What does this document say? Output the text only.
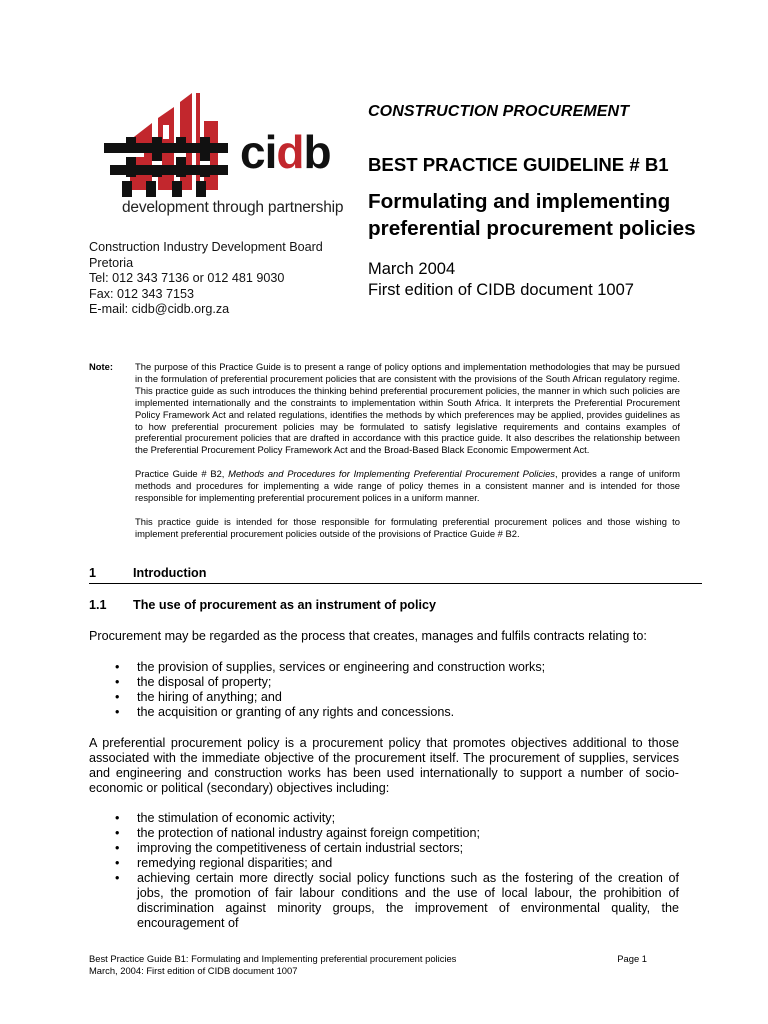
cidb
development through partnership
Construction Industry Development Board
Pretoria
Tel: 012 343 7136 or 012 481 9030
Fax: 012 343 7153
E-mail: cidb@cidb.org.za
CONSTRUCTION PROCUREMENT
BEST PRACTICE GUIDELINE # B1
Formulating and implementing preferential procurement policies
March 2004
First edition of CIDB document 1007
Note: The purpose of this Practice Guide is to present a range of policy options and implementation methodologies that may be pursued in the formulation of preferential procurement policies that are consistent with the provisions of the South African regulatory regime. This practice guide as such introduces the thinking behind preferential procurement policies, the manner in which such policies are implemented internationally and the constraints to implementation within South Africa. It interprets the Preferential Procurement Policy Framework Act and related regulations, identifies the methods by which preferences may be applied, provides guidelines as to how preferential procurement policies may be formulated to satisfy legislative requirements and contains examples of preferential procurement policies that are drafted in accordance with this practice guide. It also describes the relationship between the Preferential Procurement Policy Framework Act and the Broad-Based Black Economic Empowerment Act.

Practice Guide # B2, Methods and Procedures for Implementing Preferential Procurement Policies, provides a range of uniform methods and procedures for implementing a wide range of policy themes in a consistent manner and is intended for those responsible for implementing preferential procurement polices in a uniform manner.

This practice guide is intended for those responsible for formulating preferential procurement polices and those wishing to implement preferential procurement policies outside of the provisions of Practice Guide # B2.

1	Introduction
1.1 The use of procurement as an instrument of policy
Procurement may be regarded as the process that creates, manages and fulfils contracts relating to:
• the provision of supplies, services or engineering and construction works;
• the disposal of property;
• the hiring of anything; and
• the acquisition or granting of any rights and concessions.
A preferential procurement policy is a procurement policy that promotes objectives additional to those associated with the immediate objective of the procurement itself. The procurement of supplies, services and engineering and construction works has been used internationally to support a number of socio-economic or political (secondary) objectives including:
• the stimulation of economic activity;
• the protection of national industry against foreign competition;
• improving the competitiveness of certain industrial sectors;
• remedying regional disparities; and
• achieving certain more directly social policy functions such as the fostering of the creation of jobs, the promotion of fair labour conditions and the use of local labour, the prohibition of discrimination against minority groups, the improvement of environmental quality, the encouragement of
Best Practice Guide B1: Formulating and Implementing preferential procurement policies
March, 2004: First edition of CIDB document 1007
Page 1
